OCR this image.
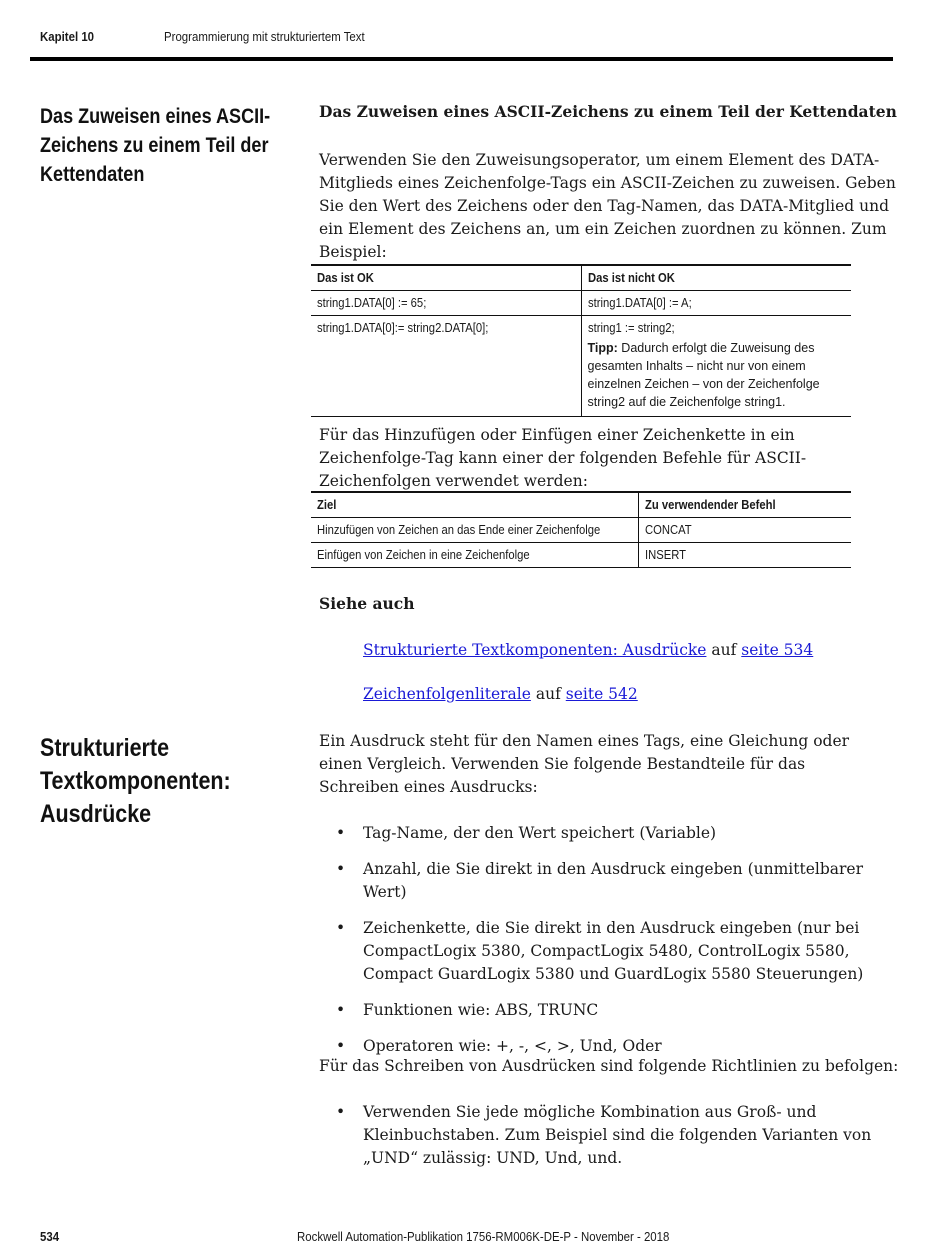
Kapitel 10	Programmierung mit strukturiertem Text
Das Zuweisen eines ASCII-Zeichens zu einem Teil der Kettendaten
Strukturierte Textkomponenten: Ausdrücke
Das Zuweisen eines ASCII-Zeichens zu einem Teil der Kettendaten
Verwenden Sie den Zuweisungsoperator, um einem Element des DATA-Mitglieds eines Zeichenfolge-Tags ein ASCII-Zeichen zu zuweisen. Geben Sie den Wert des Zeichens oder den Tag-Namen, das DATA-Mitglied und ein Element des Zeichens an, um ein Zeichen zuordnen zu können. Zum Beispiel:
Das ist OK	Das ist nicht OK
string1.DATA[0] := 65;	string1.DATA[0] := A;
string1.DATA[0]:= string2.DATA[0];	string1 := string2;
Tipp: Dadurch erfolgt die Zuweisung des gesamten Inhalts – nicht nur von einem einzelnen Zeichen – von der Zeichenfolge string2 auf die Zeichenfolge string1.
Für das Hinzufügen oder Einfügen einer Zeichenkette in ein Zeichenfolge-Tag kann einer der folgenden Befehle für ASCII-Zeichenfolgen verwendet werden:
Ziel	Zu verwendender Befehl
Hinzufügen von Zeichen an das Ende einer Zeichenfolge	CONCAT
Einfügen von Zeichen in eine Zeichenfolge	INSERT
Siehe auch
Strukturierte Textkomponenten: Ausdrücke auf seite 534
Zeichenfolgenliterale auf seite 542
Ein Ausdruck steht für den Namen eines Tags, eine Gleichung oder einen Vergleich. Verwenden Sie folgende Bestandteile für das Schreiben eines Ausdrucks:
• Tag-Name, der den Wert speichert (Variable)
• Anzahl, die Sie direkt in den Ausdruck eingeben (unmittelbarer Wert)
• Zeichenkette, die Sie direkt in den Ausdruck eingeben (nur bei CompactLogix 5380, CompactLogix 5480, ControlLogix 5580, Compact GuardLogix 5380 und GuardLogix 5580 Steuerungen)
• Funktionen wie: ABS, TRUNC
• Operatoren wie: +, -, <, >, Und, Oder
Für das Schreiben von Ausdrücken sind folgende Richtlinien zu befolgen:
• Verwenden Sie jede mögliche Kombination aus Groß- und Kleinbuchstaben. Zum Beispiel sind die folgenden Varianten von „UND“ zulässig: UND, Und, und.
534	Rockwell Automation-Publikation 1756-RM006K-DE-P - November - 2018
